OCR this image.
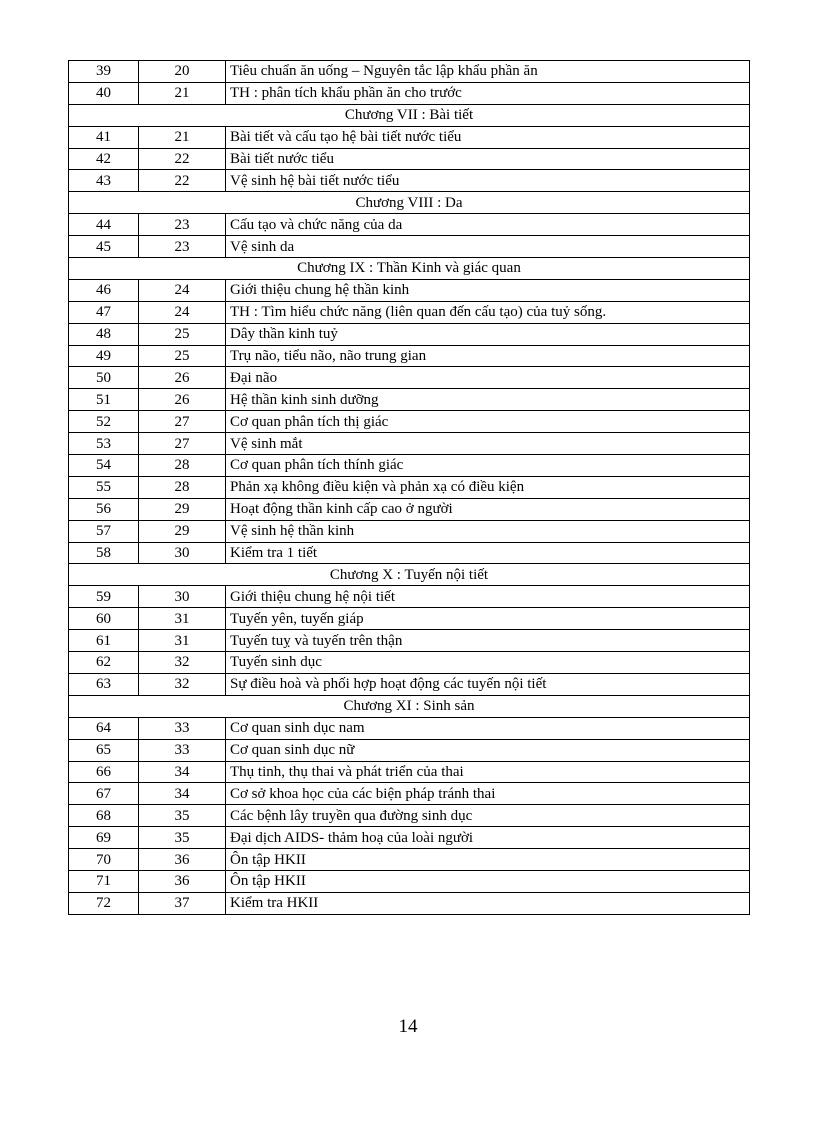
39	20	Tiêu chuẩn ăn uống – Nguyên tắc lập khẩu phần ăn
40	21	TH : phân tích khẩu phần ăn cho trước
Chương VII : Bài tiết		
41	21	Bài tiết và cấu tạo hệ bài tiết nước tiểu
42	22	Bài tiết nước tiểu
43	22	Vệ sinh hệ bài tiết nước tiểu
Chương VIII : Da		
44	23	Cấu tạo và chức năng của da
45	23	Vệ sinh da
Chương IX : Thần Kinh và giác quan		
46	24	Giới thiệu chung hệ thần kinh
47	24	TH : Tìm hiểu chức năng (liên quan đến cấu tạo) của tuỷ sống.
48	25	Dây thần kinh tuỷ
49	25	Trụ não, tiểu não, não trung gian
50	26	Đại não
51	26	Hệ thần kinh sinh dưỡng
52	27	Cơ quan phân tích thị giác
53	27	Vệ sinh mắt
54	28	Cơ quan phân tích thính giác
55	28	Phản xạ không điều kiện và phản xạ có điều kiện
56	29	Hoạt động thần kinh cấp cao ở người
57	29	Vệ sinh hệ thần kinh
58	30	Kiểm tra 1 tiết
Chương X : Tuyến nội tiết		
59	30	Giới thiệu chung hệ nội tiết
60	31	Tuyến yên, tuyến giáp
61	31	Tuyến tuỵ và tuyến trên thận
62	32	Tuyến sinh dục
63	32	Sự điều hoà và phối hợp hoạt động các tuyến nội tiết
Chương XI : Sinh sản		
64	33	Cơ quan sinh dục nam
65	33	Cơ quan sinh dục nữ
66	34	Thụ tinh, thụ thai và phát triển của thai
67	34	Cơ sở khoa học của các biện pháp tránh thai
68	35	Các bệnh lây truyền qua đường sinh dục
69	35	Đại dịch AIDS- thảm hoạ của loài người
70	36	Ôn tập HKII
71	36	Ôn tập HKII
72	37	Kiểm tra HKII
14
